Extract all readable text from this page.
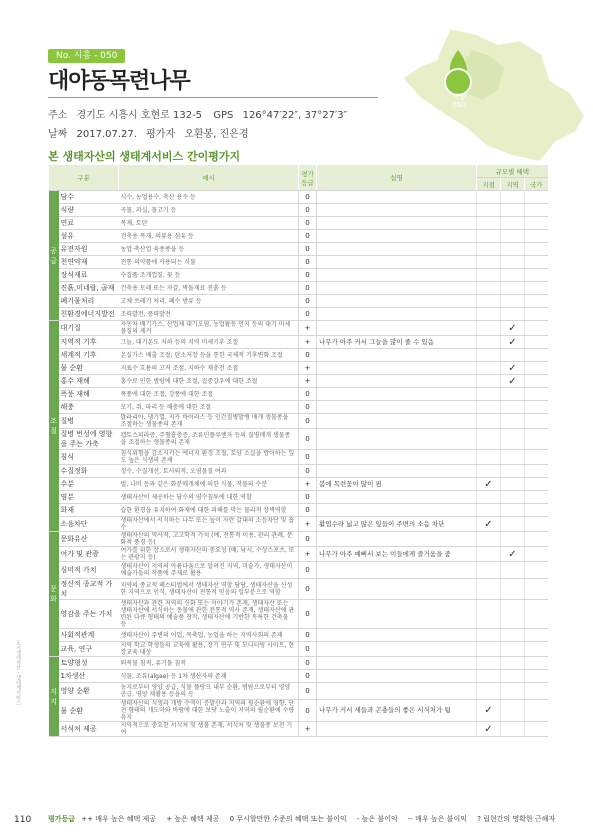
시흥
050
No. 시흥 - 050
대야동목련나무
주소 경기도 시흥시 호현로 132-5 GPS 126°47′22″, 37°27′3″
날짜 2017.07.27. 평가자 오환봉, 진은경
본 생태자산의 생태계서비스 간이평가지
구분		예시	평가등급	설명	규모별 혜택		
					지점	지역	국가
공급	담수	식수, 농업용수, 축산 용수 등	0				
	식량	곡물, 과실, 물고기 등	0				
	연료	목재, 토탄	0				
	섬유	건축용 목재, 의류용 섬유 등	0				
	유전자원	농업·축산업 육종종을 등	0				
	천연약재	전통 의약품에 사용되는 식물	0				
	장식재료	수집품·조개껍질, 꽃 등	0				
	진흙,미네랄, 골재	건축용 모래 또는 자갈, 벽돌재료 진흙 등	0				
	폐기물처리	고체 쓰레기 처리, 폐수 방류 등	0				
	친환경에너지발전	조력발전, 풍력발전	0				
조절	대기질	자동차 배기가스, 산업체 대기오염, 농업활동 먼지 등의 대기 미세물질의 제거	+			✓	
	지역적 기후	그늘, 대기온도 저하 등의 지역 미세기후 조절	+	나무가 아주 커서 그늘을 많이 줄 수 있음		✓	
	세계적 기후	온실가스 배출 조절; 탄소저장 등을 통한 국제적 기후변화 조절	0				
	물 순환	지표수 흐름의 고저 조절, 지하수 재충전 조절	+			✓	
	홍수 재해	홍수로 인한 범람에 대한 조절, 집중강우에 대한 조절	+			✓	
	폭풍 재해	폭풍에 대한 조절, 강풍에 대한 조절	0				
	해충	모기, 쥐, 파리 등 해충에 대한 조절	0				
	질병	말라리아, 댕기열, 지카 바이러스 등 인간질병발병 매개 생물종을 조절하는 생물종의 존재	0				
	질병 번성에 영향을 주는 가축	캡토스피라증, 주혈흡충증, 조류인플루엔자 등의 질병매개 생물종을 조절하는 생물종의 존재	0				
	침식	침식위험을 감소시키는 에너지 환경 조절, 토양 소실을 방어하는 잎도 높은 식생의 존재	0				
	수질정화	정수, 수질개선, 토사퇴적, 오염물질 여과	0				
	수분	벌, 나비 등과 같은 화분매개체에 의한 식물, 작물의 수분	+	봄에 목련꽃이 많이 핌	✓		
	염분	생태자산이 제공하는 담수의 염수침투에 대한 역할	0				
	화재	습한 환경을 유지하여 화재에 대한 피해를 막는 물리적 장벽역할	0				
	소음차단	생태자산에서 서식하는 나무 또는 높이 자란 갈대의 소음차단 및 흡수	+	활엽수라 넓고 많은 잎들이 주변의 소음 차단	✓		
문화	문화유산	생태자산의 역사적, 고고학적 가치 (예, 전통적 이용, 관리 관례, 문화적 풍경 등)	0				
	여가 및 관광	여가를 위한 장소로서 생태자산의 중요성 (예, 낚시, 수상스포츠, 또는 관광지 등)	+	나무가 아주 예뻐서 보는 이들에게 즐거움을 줌		✓	
	심미적 가치	생태자산이 지역의 아름다움으로 알려진 지역, 미술가, 생태자산이 예술가들의 작품에 주제로 활용	0				
	정신적 종교적 가치	지역의 종교적 페스티벌에서 생태자산 역할 담당, 생태자산을 신성한 지역으로 인식, 생태자산이 전통적 믿음의 일부분으로 역할	0				
	영감을 주는 가치	생태자산과 관련 지역의 신화 또는 이야기가 존재, 생태자산 또는 생태자산에 서식하는 동물에 관한 전통적 역사 존재, 생태자산에 관련된 다큐 형태의 예술품 창작, 생태자산에 기반한 독특한 건축물 등	0				
	사회적관계	생태자산이 주변의 어업, 목축업, 농업을 하는 지역사회의 존재	0				
	교육, 연구	지역 학교 학생들의 교육에 활용, 장기 연구 및 모니터링 사이트, 현장교육 대상	0				
지지	토양형성	퇴적물 침적, 유기물 침적	0				
	1차생산	식물, 조류(algae) 등 1차 생산자의 존재	0				
	영양 순환	농지로부터 영양 공급, 식물 플랑크 내부 순환, 범람으로부터 영양공급, 영양 재활용 등을의 등	0				
	물 순환	생태자산의 식생과 개방 수역이 증발산과 지역의 필순환에 영향, 단천 형태의 개도마와 바람에 대한 보닷 노출이 지역의 필순환에 수량 유지	0	나무가 커서 새들과 곤충들의 좋은 서식처가 됨	✓		
	서식처 제공	지역적으로 중요한 서식처 및 생물 존재, 서식처 및 생물종 보전 기여	+		✓		
도시생태자산 - 생태계서비스
110 평가등급 ++ 매우 높은 혜택 제공 + 높은 혜택 제공 0 무시할만한 수준의 혜택 또는 불이익 - 높은 불이익 -- 매우 높은 불이익 ? 립현간의 명확한 근해자
